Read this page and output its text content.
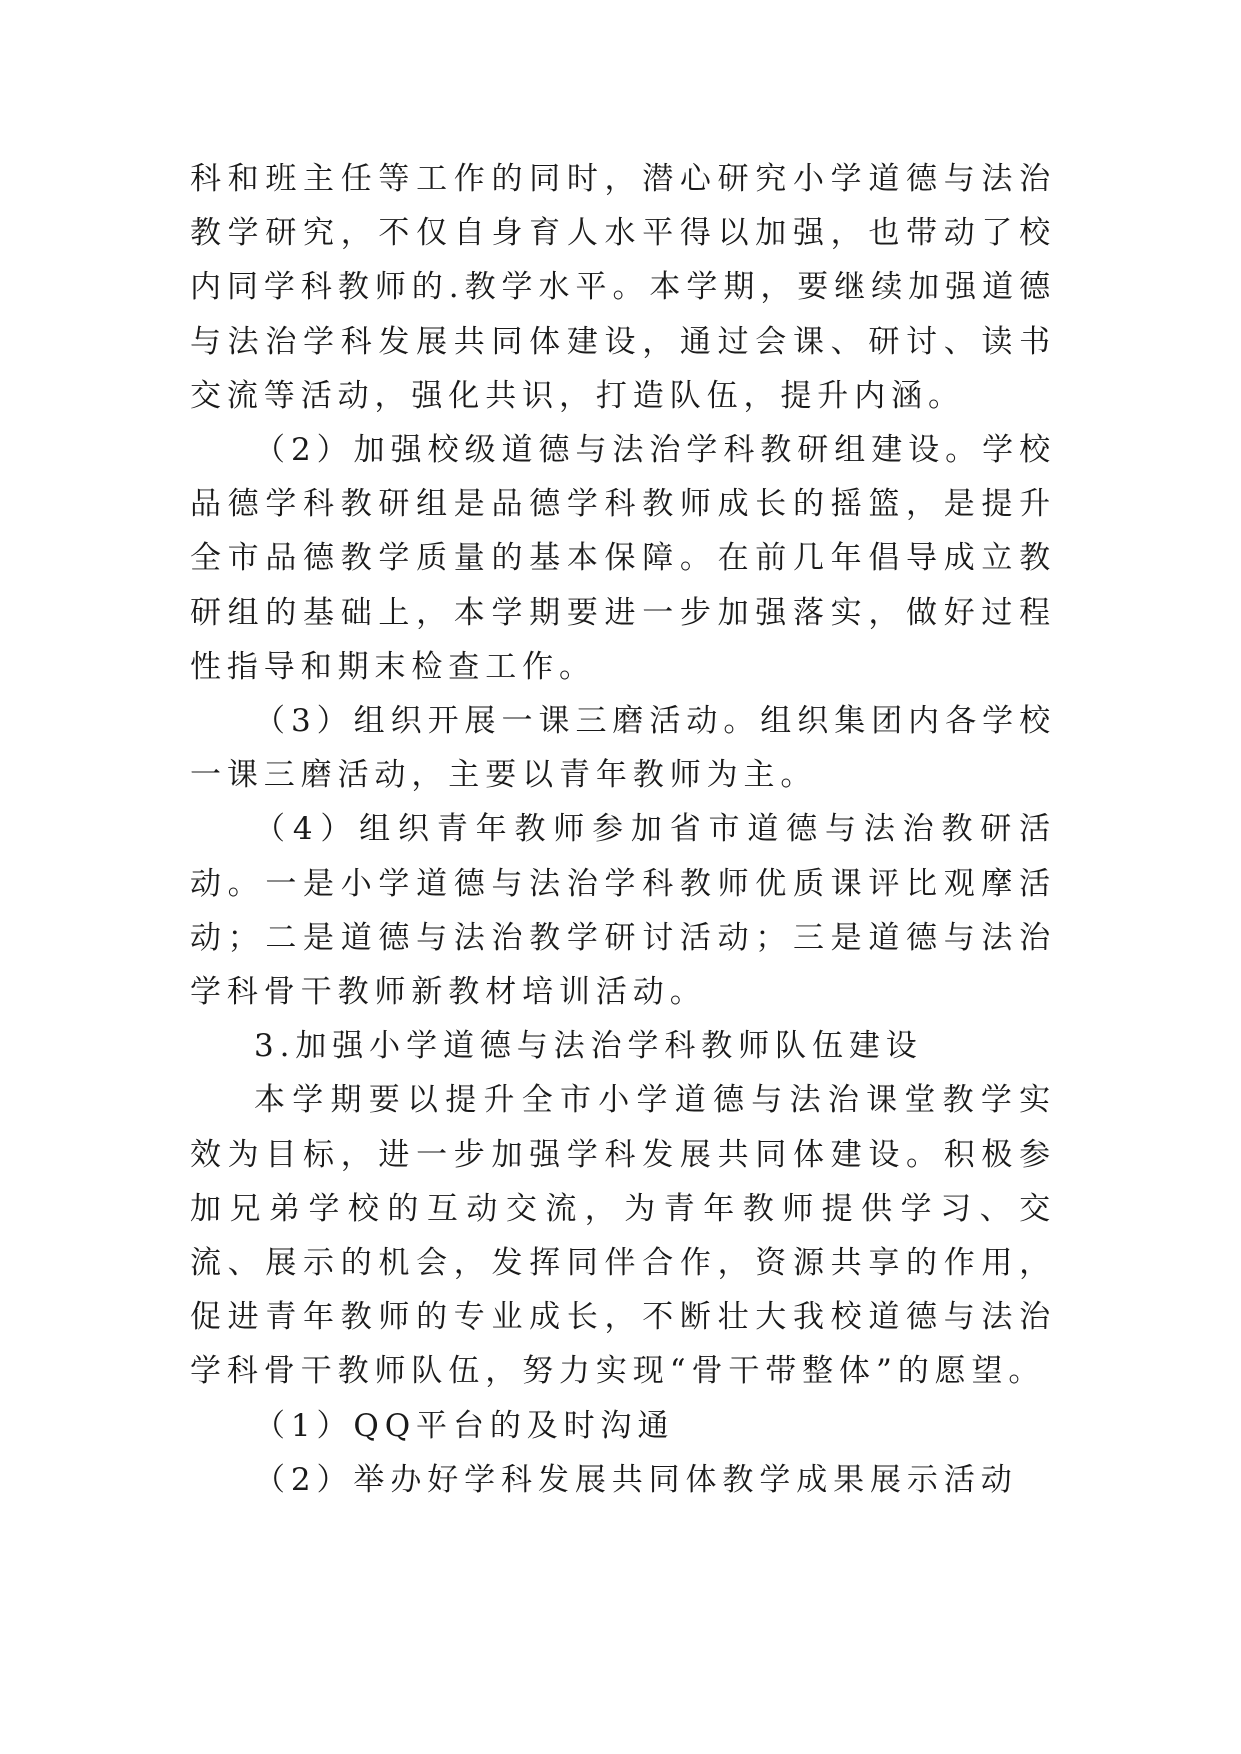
科和班主任等工作的同时，潜心研究小学道德与法治教学研究，不仅自身育人水平得以加强，也带动了校内同学科教师的.教学水平。本学期，要继续加强道德与法治学科发展共同体建设，通过会课、研讨、读书交流等活动，强化共识，打造队伍，提升内涵。

（2）加强校级道德与法治学科教研组建设。学校品德学科教研组是品德学科教师成长的摇篮，是提升全市品德教学质量的基本保障。在前几年倡导成立教研组的基础上，本学期要进一步加强落实，做好过程性指导和期末检查工作。

（3）组织开展一课三磨活动。组织集团内各学校一课三磨活动，主要以青年教师为主。

（4）组织青年教师参加省市道德与法治教研活动。一是小学道德与法治学科教师优质课评比观摩活动；二是道德与法治教学研讨活动；三是道德与法治学科骨干教师新教材培训活动。

3.加强小学道德与法治学科教师队伍建设

本学期要以提升全市小学道德与法治课堂教学实效为目标，进一步加强学科发展共同体建设。积极参加兄弟学校的互动交流，为青年教师提供学习、交流、展示的机会，发挥同伴合作，资源共享的作用，促进青年教师的专业成长，不断壮大我校道德与法治学科骨干教师队伍，努力实现“骨干带整体”的愿望。

（1）QQ平台的及时沟通

（2）举办好学科发展共同体教学成果展示活动
